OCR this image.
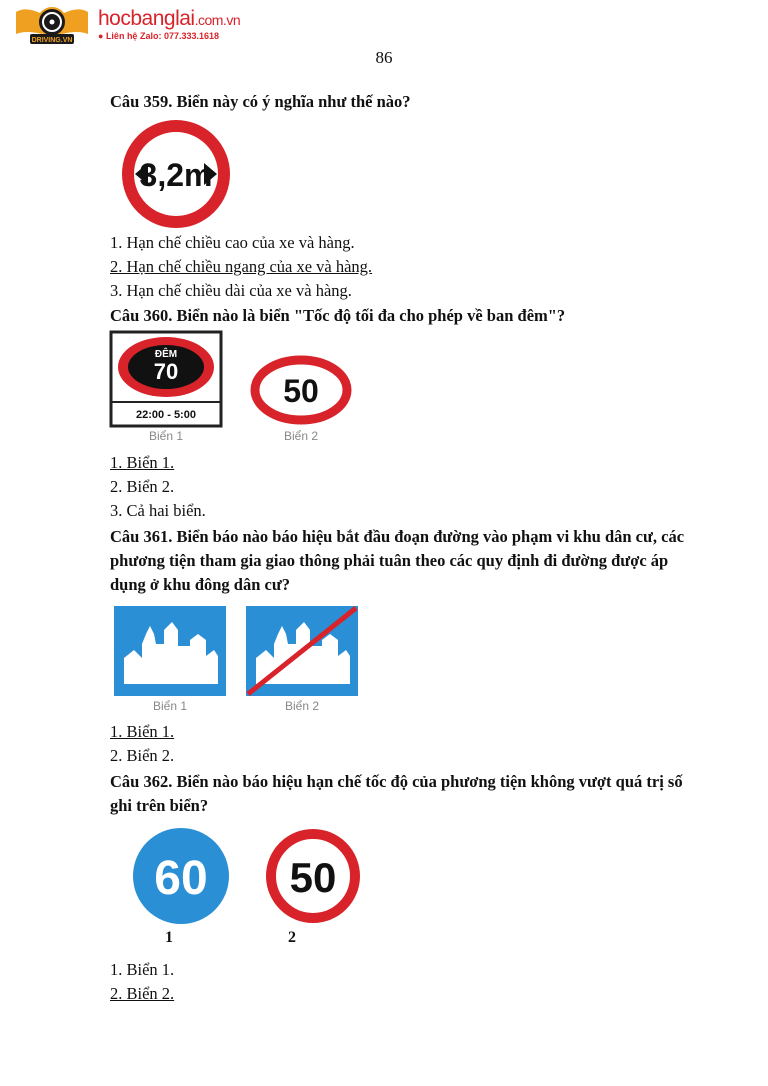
DRIVING.VN
hocbanglai.com.vn
● Liên hệ Zalo: 077.333.1618
86
Câu 359. Biển này có ý nghĩa như thế nào?
3,2m
1. Hạn chế chiều cao của xe và hàng.
2. Hạn chế chiều ngang của xe và hàng.
3. Hạn chế chiều dài của xe và hàng.
Câu 360. Biển nào là biển "Tốc độ tối đa cho phép về ban đêm"?
ĐÊM
70
22:00 - 5:00
Biển 1
50
Biển 2
1. Biển 1.
2. Biển 2.
3. Cả hai biển.
Câu 361. Biển báo nào báo hiệu bắt đầu đoạn đường vào phạm vi khu dân cư, các phương tiện tham gia giao thông phải tuân theo các quy định đi đường được áp dụng ở khu đông dân cư?
Biển 1	Biển 2
1. Biển 1.
2. Biển 2.
Câu 362. Biển nào báo hiệu hạn chế tốc độ của phương tiện không vượt quá trị số ghi trên biển?
60 50
1	2
1. Biển 1.
2. Biển 2.
